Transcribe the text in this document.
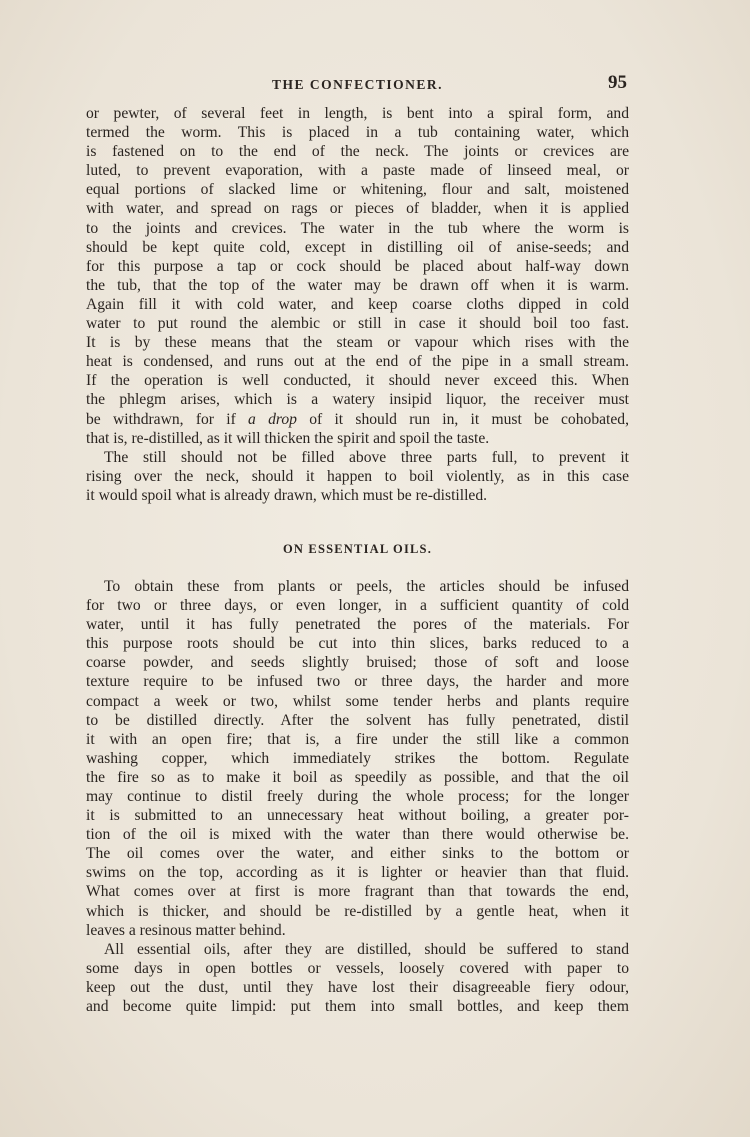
THE CONFECTIONER.	95
or pewter, of several feet in length, is bent into a spiral form, and
termed the worm. This is placed in a tub containing water, which
is fastened on to the end of the neck. The joints or crevices are
luted, to prevent evaporation, with a paste made of linseed meal, or
equal portions of slacked lime or whitening, flour and salt, moistened
with water, and spread on rags or pieces of bladder, when it is applied
to the joints and crevices. The water in the tub where the worm is
should be kept quite cold, except in distilling oil of anise-seeds; and
for this purpose a tap or cock should be placed about half-way down
the tub, that the top of the water may be drawn off when it is warm.
Again fill it with cold water, and keep coarse cloths dipped in cold
water to put round the alembic or still in case it should boil too fast.
It is by these means that the steam or vapour which rises with the
heat is condensed, and runs out at the end of the pipe in a small stream.
If the operation is well conducted, it should never exceed this. When
the phlegm arises, which is a watery insipid liquor, the receiver must
be withdrawn, for if a drop of it should run in, it must be cohobated,
that is, re-distilled, as it will thicken the spirit and spoil the taste.
The still should not be filled above three parts full, to prevent it
rising over the neck, should it happen to boil violently, as in this case
it would spoil what is already drawn, which must be re-distilled.
ON ESSENTIAL OILS.
To obtain these from plants or peels, the articles should be infused
for two or three days, or even longer, in a sufficient quantity of cold
water, until it has fully penetrated the pores of the materials. For
this purpose roots should be cut into thin slices, barks reduced to a
coarse powder, and seeds slightly bruised; those of soft and loose
texture require to be infused two or three days, the harder and more
compact a week or two, whilst some tender herbs and plants require
to be distilled directly. After the solvent has fully penetrated, distil
it with an open fire; that is, a fire under the still like a common
washing copper, which immediately strikes the bottom. Regulate
the fire so as to make it boil as speedily as possible, and that the oil
may continue to distil freely during the whole process; for the longer
it is submitted to an unnecessary heat without boiling, a greater por-
tion of the oil is mixed with the water than there would otherwise be.
The oil comes over the water, and either sinks to the bottom or
swims on the top, according as it is lighter or heavier than that fluid.
What comes over at first is more fragrant than that towards the end,
which is thicker, and should be re-distilled by a gentle heat, when it
leaves a resinous matter behind.
All essential oils, after they are distilled, should be suffered to stand
some days in open bottles or vessels, loosely covered with paper to
keep out the dust, until they have lost their disagreeable fiery odour,
and become quite limpid: put them into small bottles, and keep them
